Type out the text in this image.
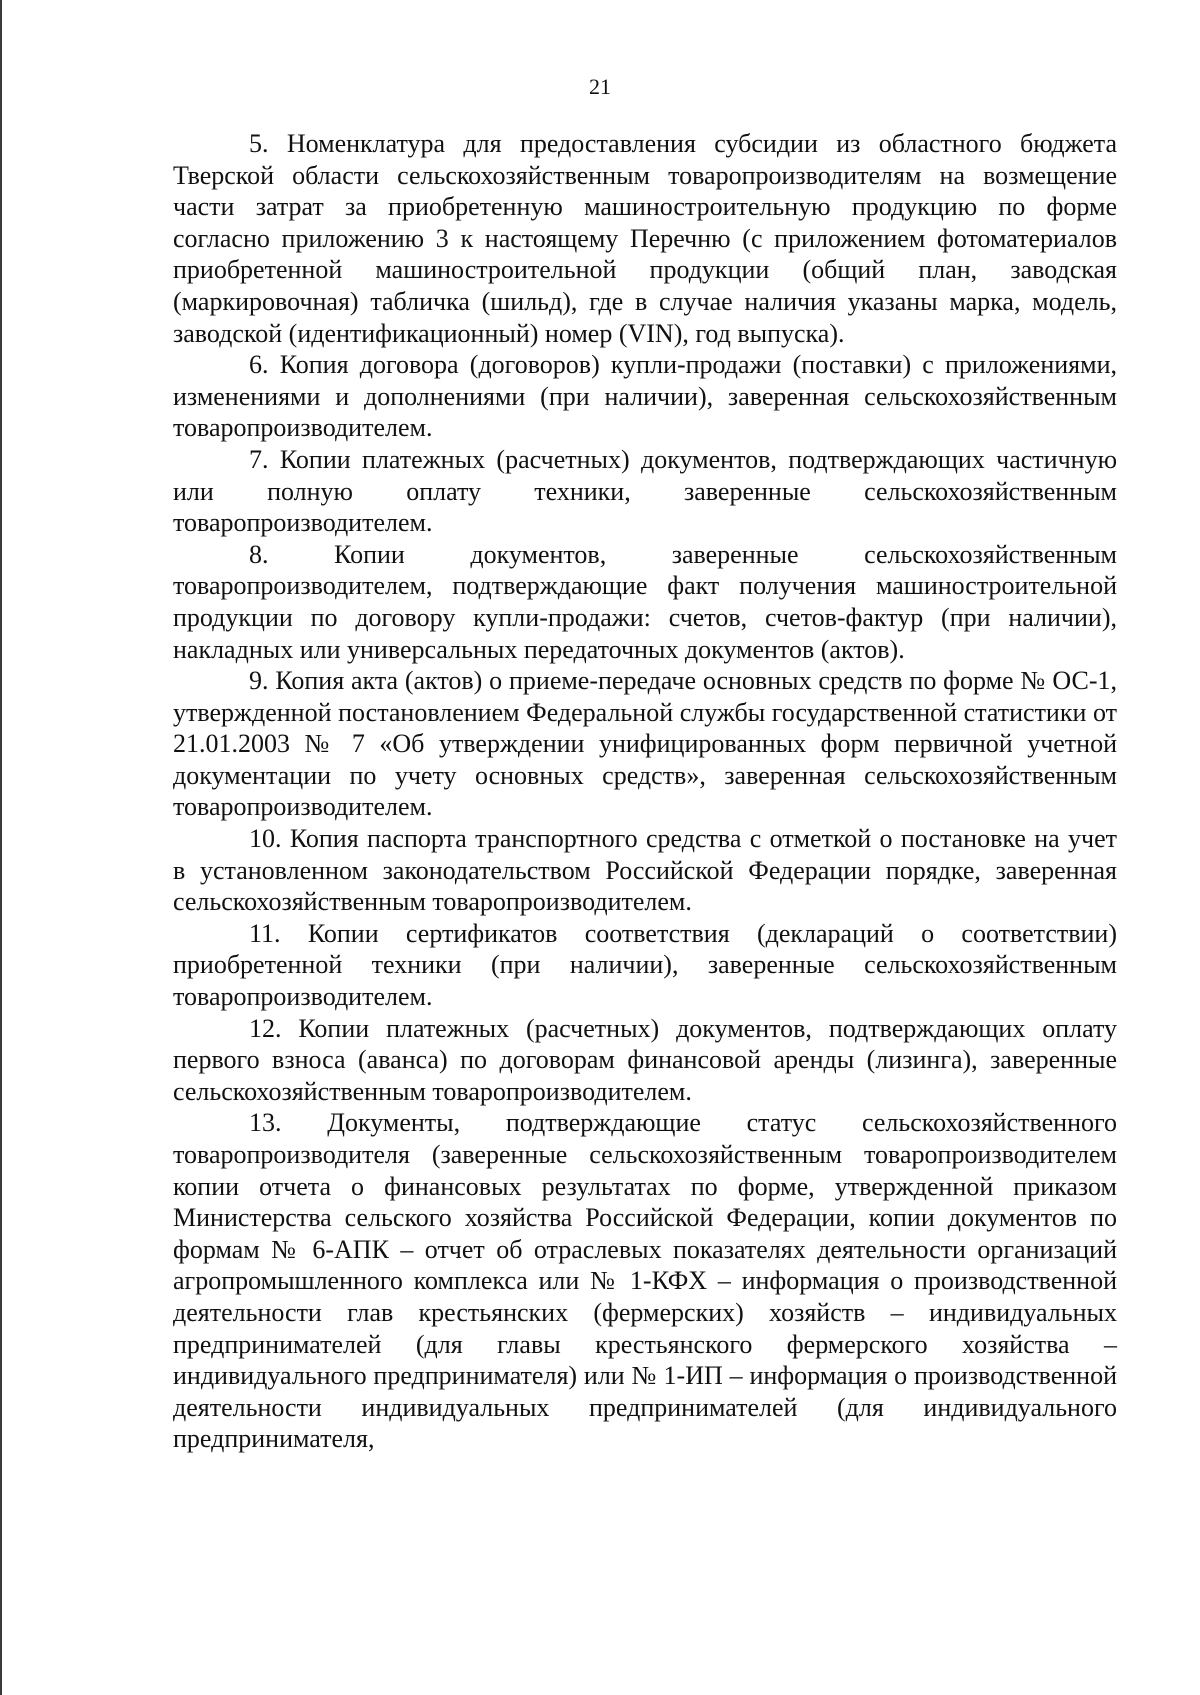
21

5. Номенклатура для предоставления субсидии из областного бюджета Тверской области сельскохозяйственным товаропроизводителям на возмещение части затрат за приобретенную машиностроительную продукцию по форме согласно приложению 3 к настоящему Перечню (с приложением фотоматериалов приобретенной машиностроительной продукции (общий план, заводская (маркировочная) табличка (шильд), где в случае наличия указаны марка, модель, заводской (идентификационный) номер (VIN), год выпуска).

6. Копия договора (договоров) купли-продажи (поставки) с приложениями, изменениями и дополнениями (при наличии), заверенная сельскохозяйственным товаропроизводителем.

7. Копии платежных (расчетных) документов, подтверждающих частичную или полную оплату техники, заверенные сельскохозяйственным товаропроизводителем.

8. Копии документов, заверенные сельскохозяйственным товаропроизводителем, подтверждающие факт получения машиностроительной продукции по договору купли-продажи: счетов, счетов-фактур (при наличии), накладных или универсальных передаточных документов (актов).

9. Копия акта (актов) о приеме-передаче основных средств по форме № ОС-1, утвержденной постановлением Федеральной службы государственной статистики от 21.01.2003 № 7 «Об утверждении унифицированных форм первичной учетной документации по учету основных средств», заверенная сельскохозяйственным товаропроизводителем.

10. Копия паспорта транспортного средства с отметкой о постановке на учет в установленном законодательством Российской Федерации порядке, заверенная сельскохозяйственным товаропроизводителем.

11. Копии сертификатов соответствия (деклараций о соответствии) приобретенной техники (при наличии), заверенные сельскохозяйственным товаропроизводителем.

12. Копии платежных (расчетных) документов, подтверждающих оплату первого взноса (аванса) по договорам финансовой аренды (лизинга), заверенные сельскохозяйственным товаропроизводителем.

13. Документы, подтверждающие статус сельскохозяйственного товаропроизводителя (заверенные сельскохозяйственным товаропроизводителем копии отчета о финансовых результатах по форме, утвержденной приказом Министерства сельского хозяйства Российской Федерации, копии документов по формам № 6-АПК – отчет об отраслевых показателях деятельности организаций агропромышленного комплекса или № 1-КФХ – информация о производственной деятельности глав крестьянских (фермерских) хозяйств – индивидуальных предпринимателей (для главы крестьянского фермерского хозяйства – индивидуального предпринимателя) или № 1-ИП – информация о производственной деятельности индивидуальных предпринимателей (для индивидуального предпринимателя,
